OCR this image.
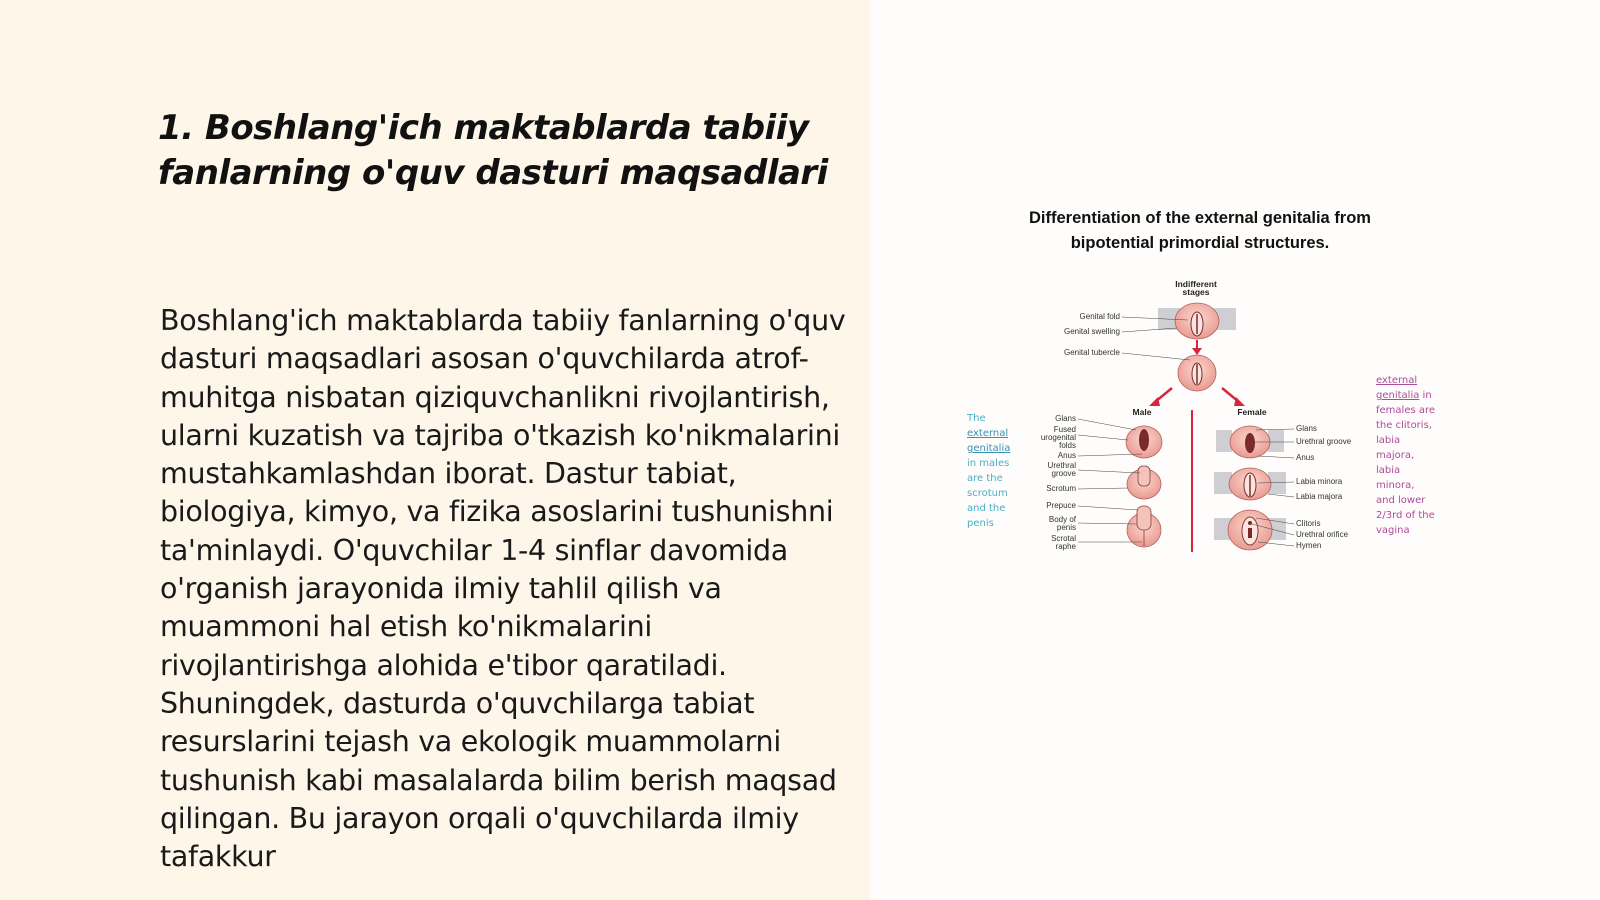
1. Boshlang'ich maktablarda tabiiy fanlarning o'quv dasturi maqsadlari

Boshlang'ich maktablarda tabiiy fanlarning o'quv dasturi maqsadlari asosan o'quvchilarda atrof-muhitga nisbatan qiziquvchanlikni rivojlantirish, ularni kuzatish va tajriba o'tkazish ko'nikmalarini mustahkamlashdan iborat. Dastur tabiat, biologiya, kimyo, va fizika asoslarini tushunishni ta'minlaydi. O'quvchilar 1-4 sinflar davomida o'rganish jarayonida ilmiy tahlil qilish va muammoni hal etish ko'nikmalarini rivojlantirishga alohida e'tibor qaratiladi. Shuningdek, dasturda o'quvchilarga tabiat resurslarini tejash va ekologik muammolarni tushunish kabi masalalarda bilim berish maqsad qilingan. Bu jarayon orqali o'quvchilarda ilmiy tafakkur

Differentiation of the external genitalia from
bipotential primordial structures.
Indifferent
stages
Genital fold
Genital swelling
Genital tubercle
Male	Female
Glans
Fused
urogenital
folds
Anus
Urethral
groove
Scrotum
Prepuce
Body of
penis
Scrotal
raphe
Glans
Urethral groove
Anus
Labia minora
Labia majora
Clitoris
Urethral orifice
Hymen
The external genitalia in males are the scrotum and the penis
external genitalia in females are the clitoris, labia majora, labia minora, and lower 2/3rd of the vagina
